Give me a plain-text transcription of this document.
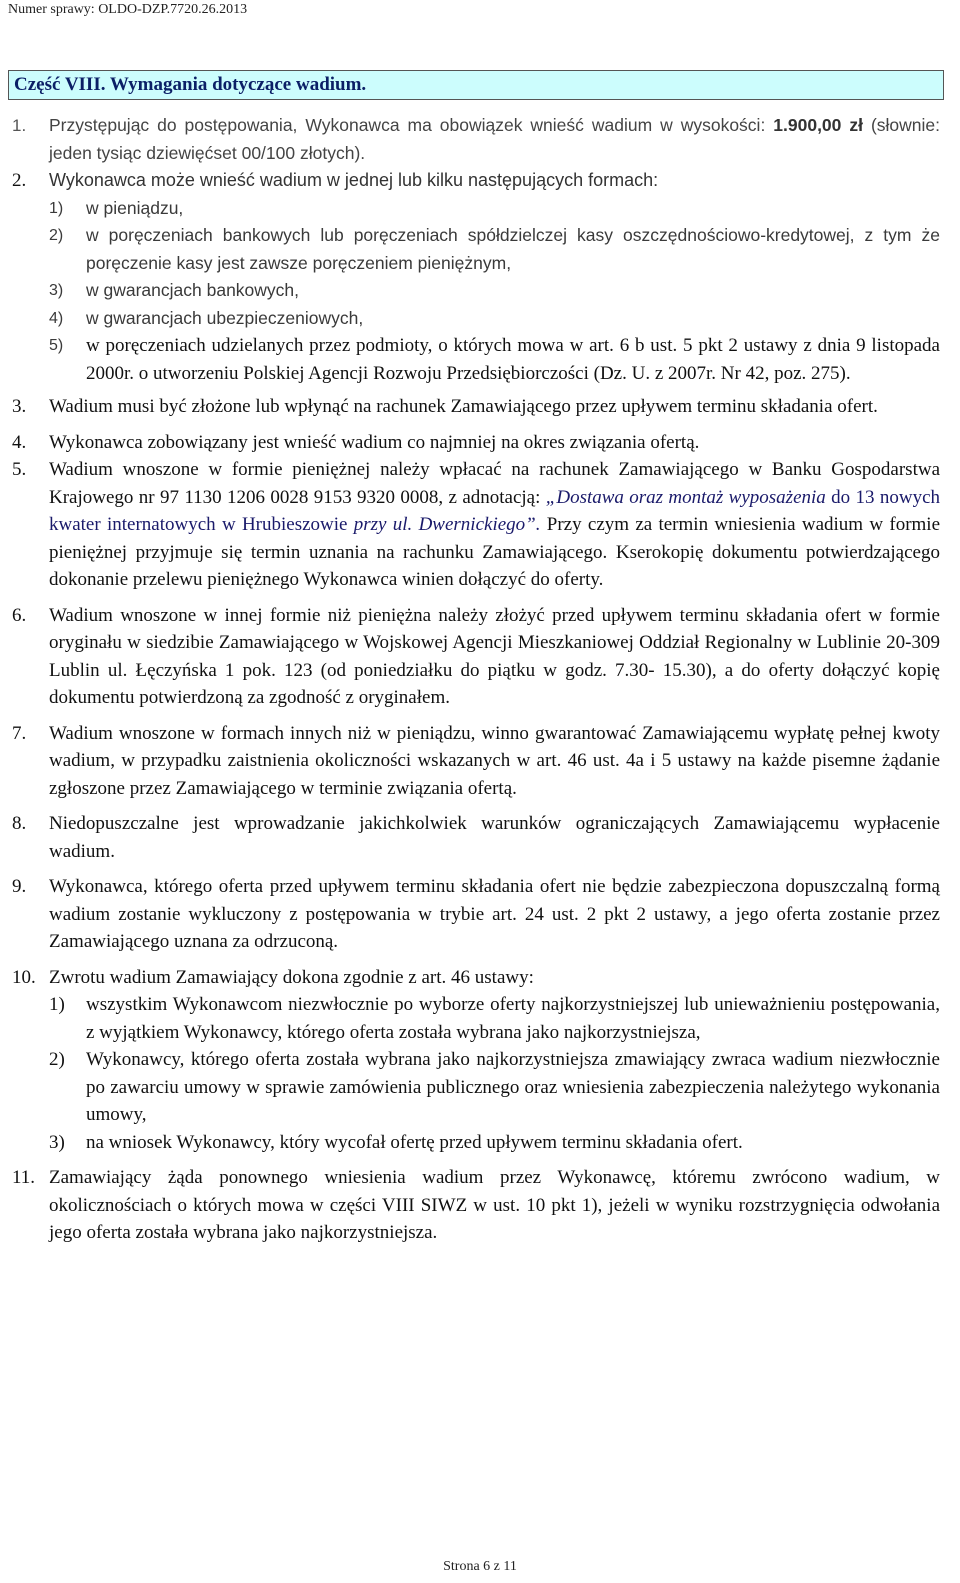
Numer sprawy: OLDO-DZP.7720.26.2013
Część VIII. Wymagania dotyczące wadium.
1. Przystępując do postępowania, Wykonawca ma obowiązek wnieść wadium w wysokości: 1.900,00 zł (słownie: jeden tysiąc dziewięćset 00/100 złotych).
2. Wykonawca może wnieść wadium w jednej lub kilku następujących formach:
1) w pieniądzu,
2) w poręczeniach bankowych lub poręczeniach spółdzielczej kasy oszczędnościowo-kredytowej, z tym że poręczenie kasy jest zawsze poręczeniem pieniężnym,
3) w gwarancjach bankowych,
4) w gwarancjach ubezpieczeniowych,
5) w poręczeniach udzielanych przez podmioty, o których mowa w art. 6 b ust. 5 pkt 2 ustawy z dnia 9 listopada 2000r. o utworzeniu Polskiej Agencji Rozwoju Przedsiębiorczości (Dz. U. z 2007r. Nr 42, poz. 275).
3. Wadium musi być złożone lub wpłynąć na rachunek Zamawiającego przez upływem terminu składania ofert.
4. Wykonawca zobowiązany jest wnieść wadium co najmniej na okres związania ofertą.
5. Wadium wnoszone w formie pieniężnej należy wpłacać na rachunek Zamawiającego w Banku Gospodarstwa Krajowego nr 97 1130 1206 0028 9153 9320 0008, z adnotacją: „Dostawa oraz montaż wyposażenia do 13 nowych kwater internatowych w Hrubieszowie przy ul. Dwernickiego”. Przy czym za termin wniesienia wadium w formie pieniężnej przyjmuje się termin uznania na rachunku Zamawiającego. Kserokopię dokumentu potwierdzającego dokonanie przelewu pieniężnego Wykonawca winien dołączyć do oferty.
6. Wadium wnoszone w innej formie niż pieniężna należy złożyć przed upływem terminu składania ofert w formie oryginału w siedzibie Zamawiającego w Wojskowej Agencji Mieszkaniowej Oddział Regionalny w Lublinie 20-309 Lublin ul. Łęczyńska 1 pok. 123 (od poniedziałku do piątku w godz. 7.30- 15.30), a do oferty dołączyć kopię dokumentu potwierdzoną za zgodność z oryginałem.
7. Wadium wnoszone w formach innych niż w pieniądzu, winno gwarantować Zamawiającemu wypłatę pełnej kwoty wadium, w przypadku zaistnienia okoliczności wskazanych w art. 46 ust. 4a i 5 ustawy na każde pisemne żądanie zgłoszone przez Zamawiającego w terminie związania ofertą.
8. Niedopuszczalne jest wprowadzanie jakichkolwiek warunków ograniczających Zamawiającemu wypłacenie wadium.
9. Wykonawca, którego oferta przed upływem terminu składania ofert nie będzie zabezpieczona dopuszczalną formą wadium zostanie wykluczony z postępowania w trybie art. 24 ust. 2 pkt 2 ustawy, a jego oferta zostanie przez Zamawiającego uznana za odrzuconą.
10. Zwrotu wadium Zamawiający dokona zgodnie z art. 46 ustawy:
1) wszystkim Wykonawcom niezwłocznie po wyborze oferty najkorzystniejszej lub unieważnieniu postępowania, z wyjątkiem Wykonawcy, którego oferta została wybrana jako najkorzystniejsza,
2) Wykonawcy, którego oferta została wybrana jako najkorzystniejsza zmawiający zwraca wadium niezwłocznie po zawarciu umowy w sprawie zamówienia publicznego oraz wniesienia zabezpieczenia należytego wykonania umowy,
3) na wniosek Wykonawcy, który wycofał ofertę przed upływem terminu składania ofert.
11. Zamawiający żąda ponownego wniesienia wadium przez Wykonawcę, któremu zwrócono wadium, w okolicznościach o których mowa w części VIII SIWZ w ust. 10 pkt 1), jeżeli w wyniku rozstrzygnięcia odwołania jego oferta została wybrana jako najkorzystniejsza.
Strona 6 z 11
